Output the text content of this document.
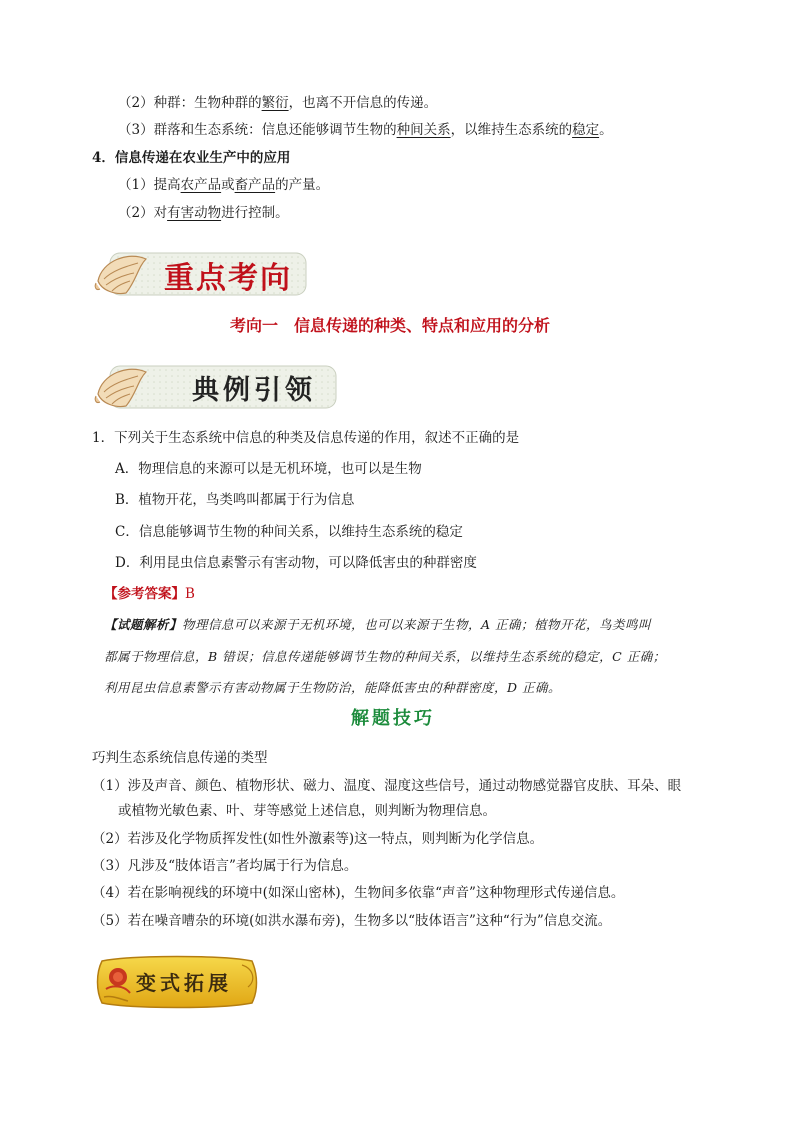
（2）种群：生物种群的繁衍，也离不开信息的传递。
（3）群落和生态系统：信息还能够调节生物的种间关系，以维持生态系统的稳定。
4．信息传递在农业生产中的应用
（1）提高农产品或畜产品的产量。
（2）对有害动物进行控制。
重点考向
考向一　信息传递的种类、特点和应用的分析
典例引领
1．下列关于生态系统中信息的种类及信息传递的作用，叙述不正确的是
A．物理信息的来源可以是无机环境，也可以是生物
B．植物开花，鸟类鸣叫都属于行为信息
C．信息能够调节生物的种间关系，以维持生态系统的稳定
D．利用昆虫信息素警示有害动物，可以降低害虫的种群密度
【参考答案】B
【试题解析】物理信息可以来源于无机环境，也可以来源于生物，A 正确；植物开花，鸟类鸣叫
都属于物理信息，B 错误；信息传递能够调节生物的种间关系，以维持生态系统的稳定，C 正确；
利用昆虫信息素警示有害动物属于生物防治，能降低害虫的种群密度，D 正确。
解题技巧
巧判生态系统信息传递的类型
（1）涉及声音、颜色、植物形状、磁力、温度、湿度这些信号，通过动物感觉器官皮肤、耳朵、眼
或植物光敏色素、叶、芽等感觉上述信息，则判断为物理信息。
（2）若涉及化学物质挥发性(如性外激素等)这一特点，则判断为化学信息。
（3）凡涉及“肢体语言”者均属于行为信息。
（4）若在影响视线的环境中(如深山密林)，生物间多依靠“声音”这种物理形式传递信息。
（5）若在噪音嘈杂的环境(如洪水瀑布旁)，生物多以“肢体语言”这种“行为”信息交流。
变式拓展
